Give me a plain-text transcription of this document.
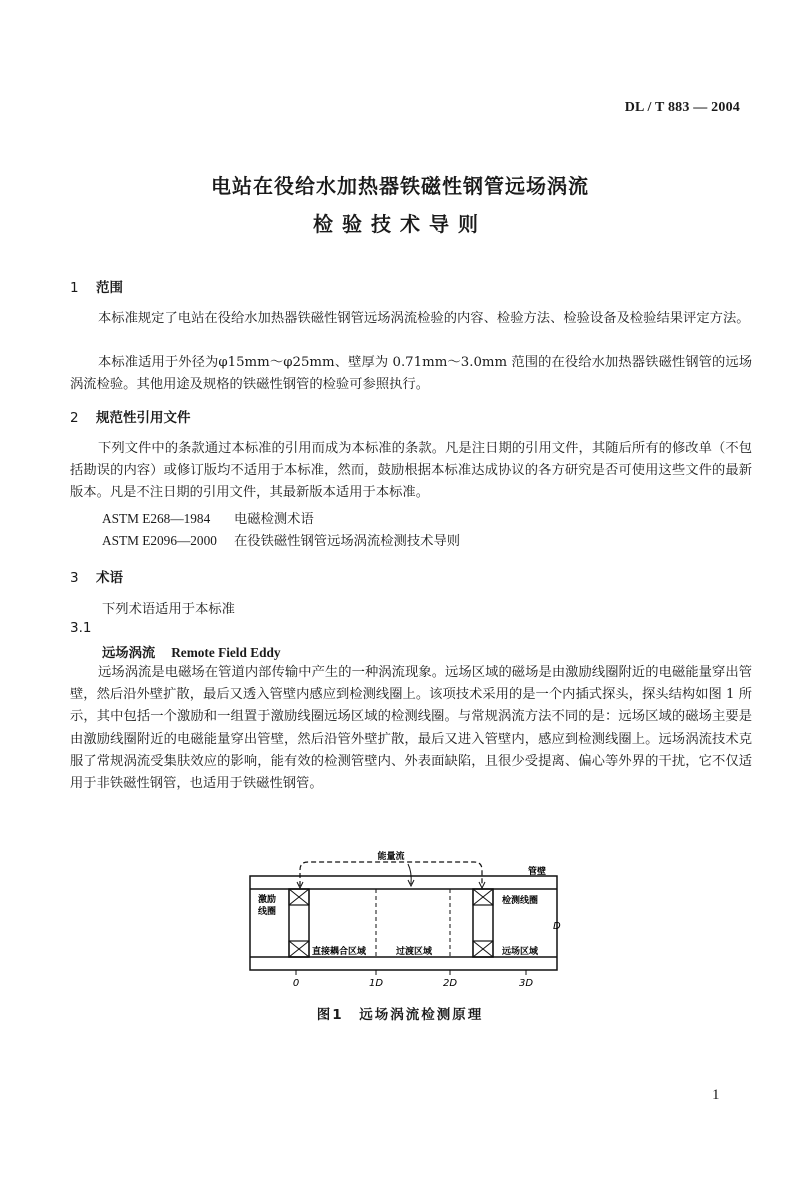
DL / T 883 — 2004
电站在役给水加热器铁磁性钢管远场涡流
检验技术导则
1 范围
本标准规定了电站在役给水加热器铁磁性钢管远场涡流检验的内容、检验方法、检验设备及检验结果评定方法。
本标准适用于外径为φ15mm～φ25mm、壁厚为 0.71mm～3.0mm 范围的在役给水加热器铁磁性钢管的远场涡流检验。其他用途及规格的铁磁性钢管的检验可参照执行。
2 规范性引用文件
下列文件中的条款通过本标准的引用而成为本标准的条款。凡是注日期的引用文件，其随后所有的修改单（不包括勘误的内容）或修订版均不适用于本标准，然而，鼓励根据本标准达成协议的各方研究是否可使用这些文件的最新版本。凡是不注日期的引用文件，其最新版本适用于本标准。
ASTM E268—1984 电磁检测术语
ASTM E2096—2000 在役铁磁性钢管远场涡流检测技术导则
3 术语
下列术语适用于本标准
3.1
远场涡流 Remote Field Eddy
远场涡流是电磁场在管道内部传输中产生的一种涡流现象。远场区域的磁场是由激励线圈附近的电磁能量穿出管壁，然后沿外壁扩散，最后又透入管壁内感应到检测线圈上。该项技术采用的是一个内插式探头，探头结构如图 1 所示，其中包括一个激励和一组置于激励线圈远场区域的检测线圈。与常规涡流方法不同的是：远场区域的磁场主要是由激励线圈附近的电磁能量穿出管壁，然后沿管外壁扩散，最后又进入管壁内，感应到检测线圈上。远场涡流技术克服了常规涡流受集肤效应的影响，能有效的检测管壁内、外表面缺陷，且很少受提离、偏心等外界的干扰，它不仅适用于非铁磁性钢管，也适用于铁磁性钢管。
能量流
管壁
激励
线圈
检测线圈
直接耦合区域	过渡区域	远场区域
D
0	1D	2D	3D
图1　远场涡流检测原理
1
